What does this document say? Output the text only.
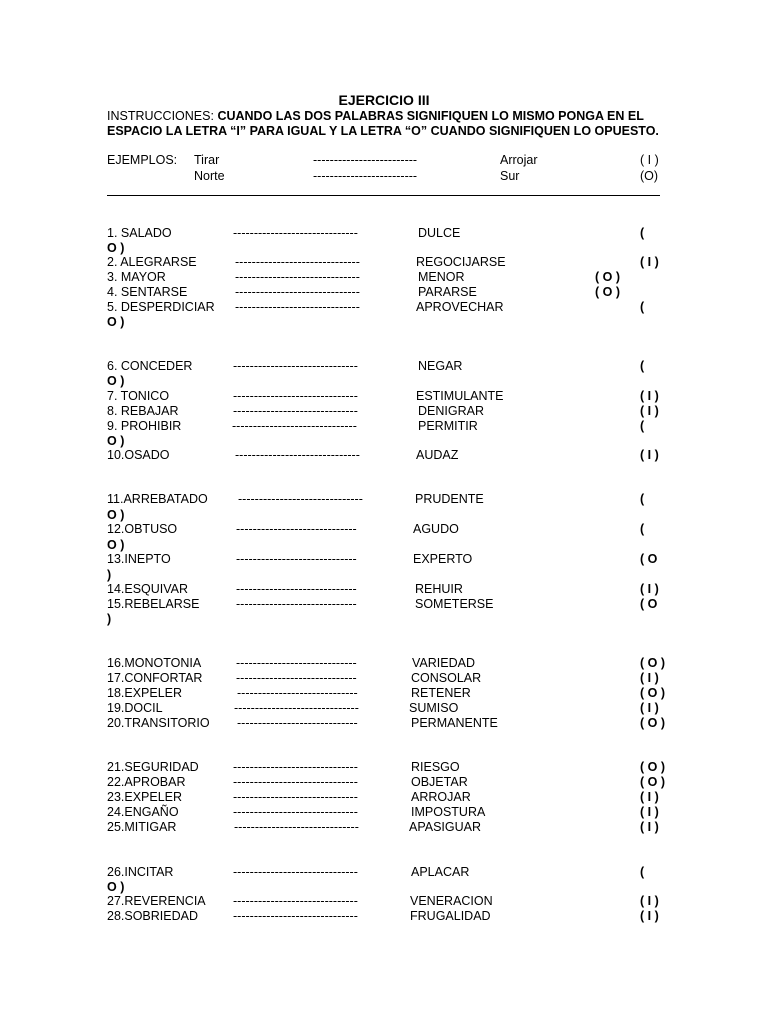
EJERCICIO III
INSTRUCCIONES: CUANDO LAS DOS PALABRAS SIGNIFIQUEN LO MISMO PONGA EN EL ESPACIO LA LETRA “I” PARA IGUAL Y LA LETRA “O” CUANDO SIGNIFIQUEN LO OPUESTO.
EJEMPLOS: Tirar	-------------------------	Arrojar	( I )
Norte	-------------------------	Sur	(O)
1. SALADO	------------------------------	DULCE	(
O )
2. ALEGRARSE	------------------------------	REGOCIJARSE	( I )
3. MAYOR	------------------------------	MENOR	( O )
4. SENTARSE	------------------------------	PARARSE	( O )
5. DESPERDICIAR ------------------------------	APROVECHAR	(
O )
6. CONCEDER	------------------------------	NEGAR	(
O )
7. TONICO	------------------------------	ESTIMULANTE	( I )
8. REBAJAR	------------------------------	DENIGRAR	( I )
9. PROHIBIR	------------------------------	PERMITIR	(
O )
10.OSADO	------------------------------	AUDAZ	( I )
11.ARREBATADO ------------------------------	PRUDENTE	(
O )
12.OBTUSO	-----------------------------	AGUDO	(
O )
13.INEPTO	-----------------------------	EXPERTO	( O
)
14.ESQUIVAR	-----------------------------	REHUIR	( I )
15.REBELARSE	-----------------------------	SOMETERSE	( O
)
16.MONOTONIA	-----------------------------	VARIEDAD	( O )
17.CONFORTAR	-----------------------------	CONSOLAR	( I )
18.EXPELER	-----------------------------	RETENER	( O )
19.DOCIL	------------------------------	SUMISO	( I )
20.TRANSITORIO -----------------------------	PERMANENTE	( O )
21.SEGURIDAD	------------------------------	RIESGO	( O )
22.APROBAR	------------------------------	OBJETAR	( O )
23.EXPELER	------------------------------	ARROJAR	( I )
24.ENGAÑO	------------------------------	IMPOSTURA	( I )
25.MITIGAR	------------------------------	APASIGUAR	( I )
26.INCITAR	------------------------------	APLACAR	(
O )
27.REVERENCIA ------------------------------	VENERACION	( I )
28.SOBRIEDAD	------------------------------	FRUGALIDAD	( I )
